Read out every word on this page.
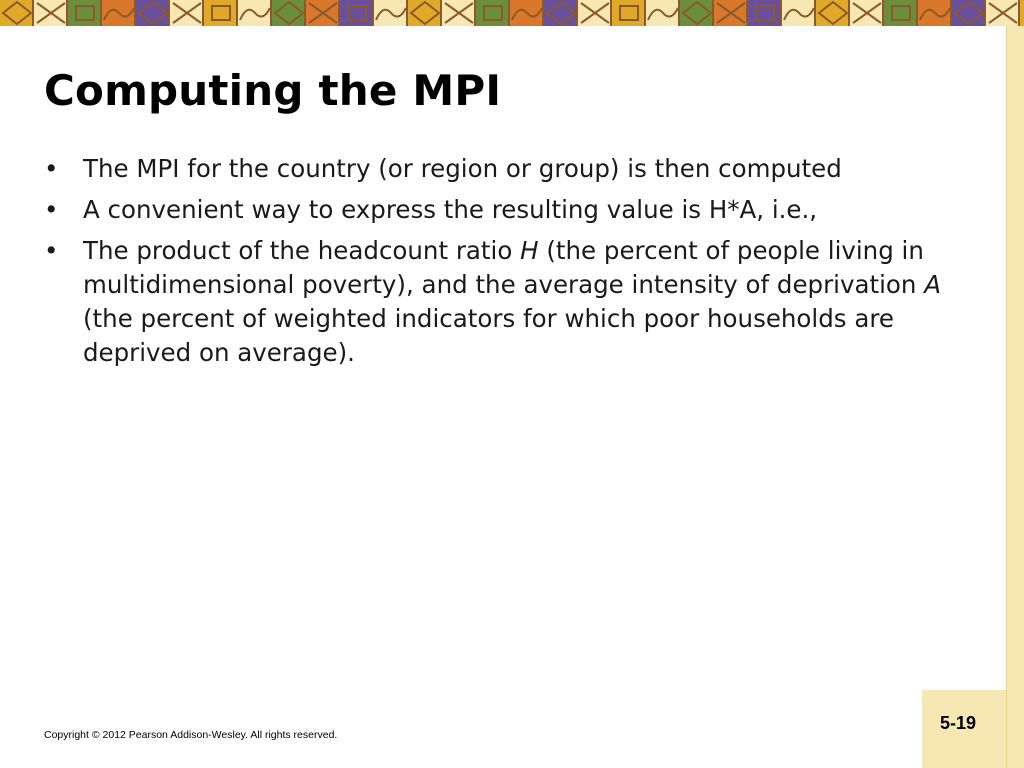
Computing the MPI
• The MPI for the country (or region or group) is then computed
• A convenient way to express the resulting value is H*A, i.e.,
• The product of the headcount ratio H (the percent of people living in multidimensional poverty), and the average intensity of deprivation A (the percent of weighted indicators for which poor households are deprived on average).
Copyright © 2012 Pearson Addison-Wesley. All rights reserved.
5-19
